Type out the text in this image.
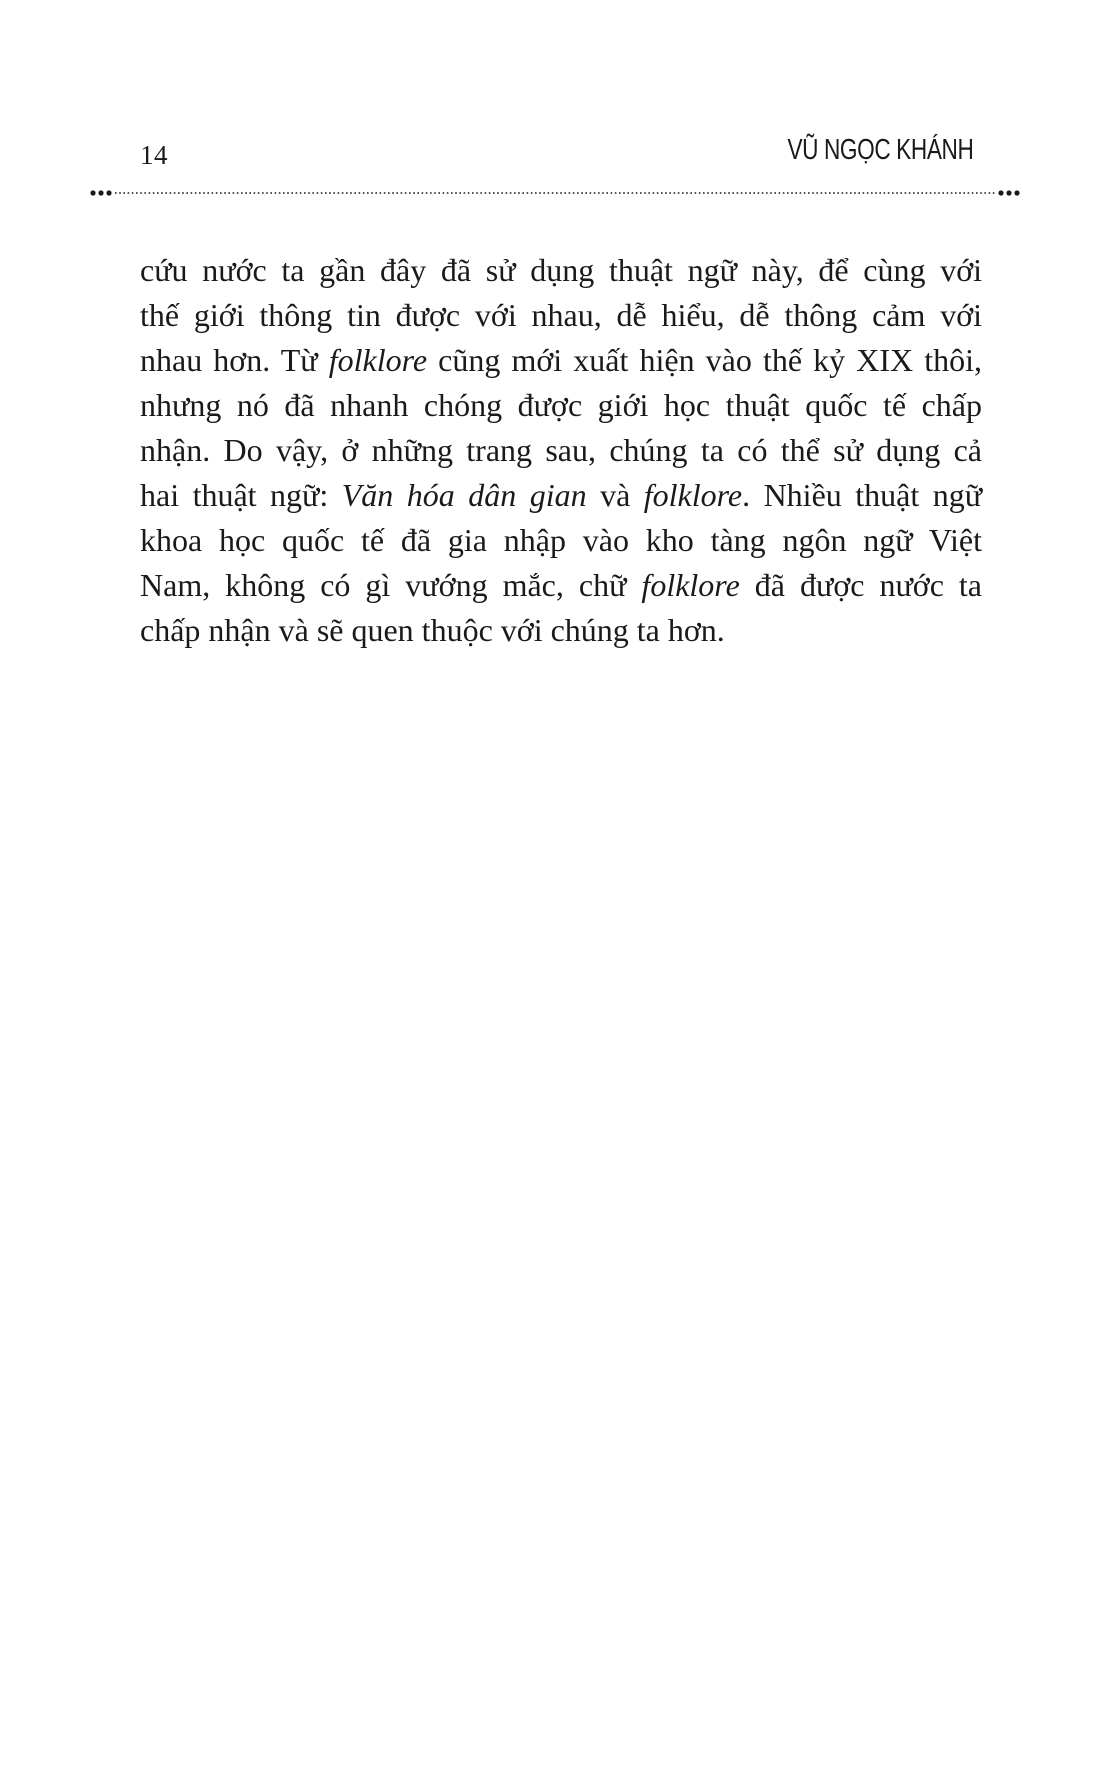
14	VŨ NGỌC KHÁNH

cứu nước ta gần đây đã sử dụng thuật ngữ này, để cùng với
thế giới thông tin được với nhau, dễ hiểu, dễ thông cảm với
nhau hơn. Từ folklore cũng mới xuất hiện vào thế kỷ XIX thôi,
nhưng nó đã nhanh chóng được giới học thuật quốc tế chấp
nhận. Do vậy, ở những trang sau, chúng ta có thể sử dụng cả
hai thuật ngữ: Văn hóa dân gian và folklore. Nhiều thuật ngữ
khoa học quốc tế đã gia nhập vào kho tàng ngôn ngữ Việt
Nam, không có gì vướng mắc, chữ folklore đã được nước ta
chấp nhận và sẽ quen thuộc với chúng ta hơn.
